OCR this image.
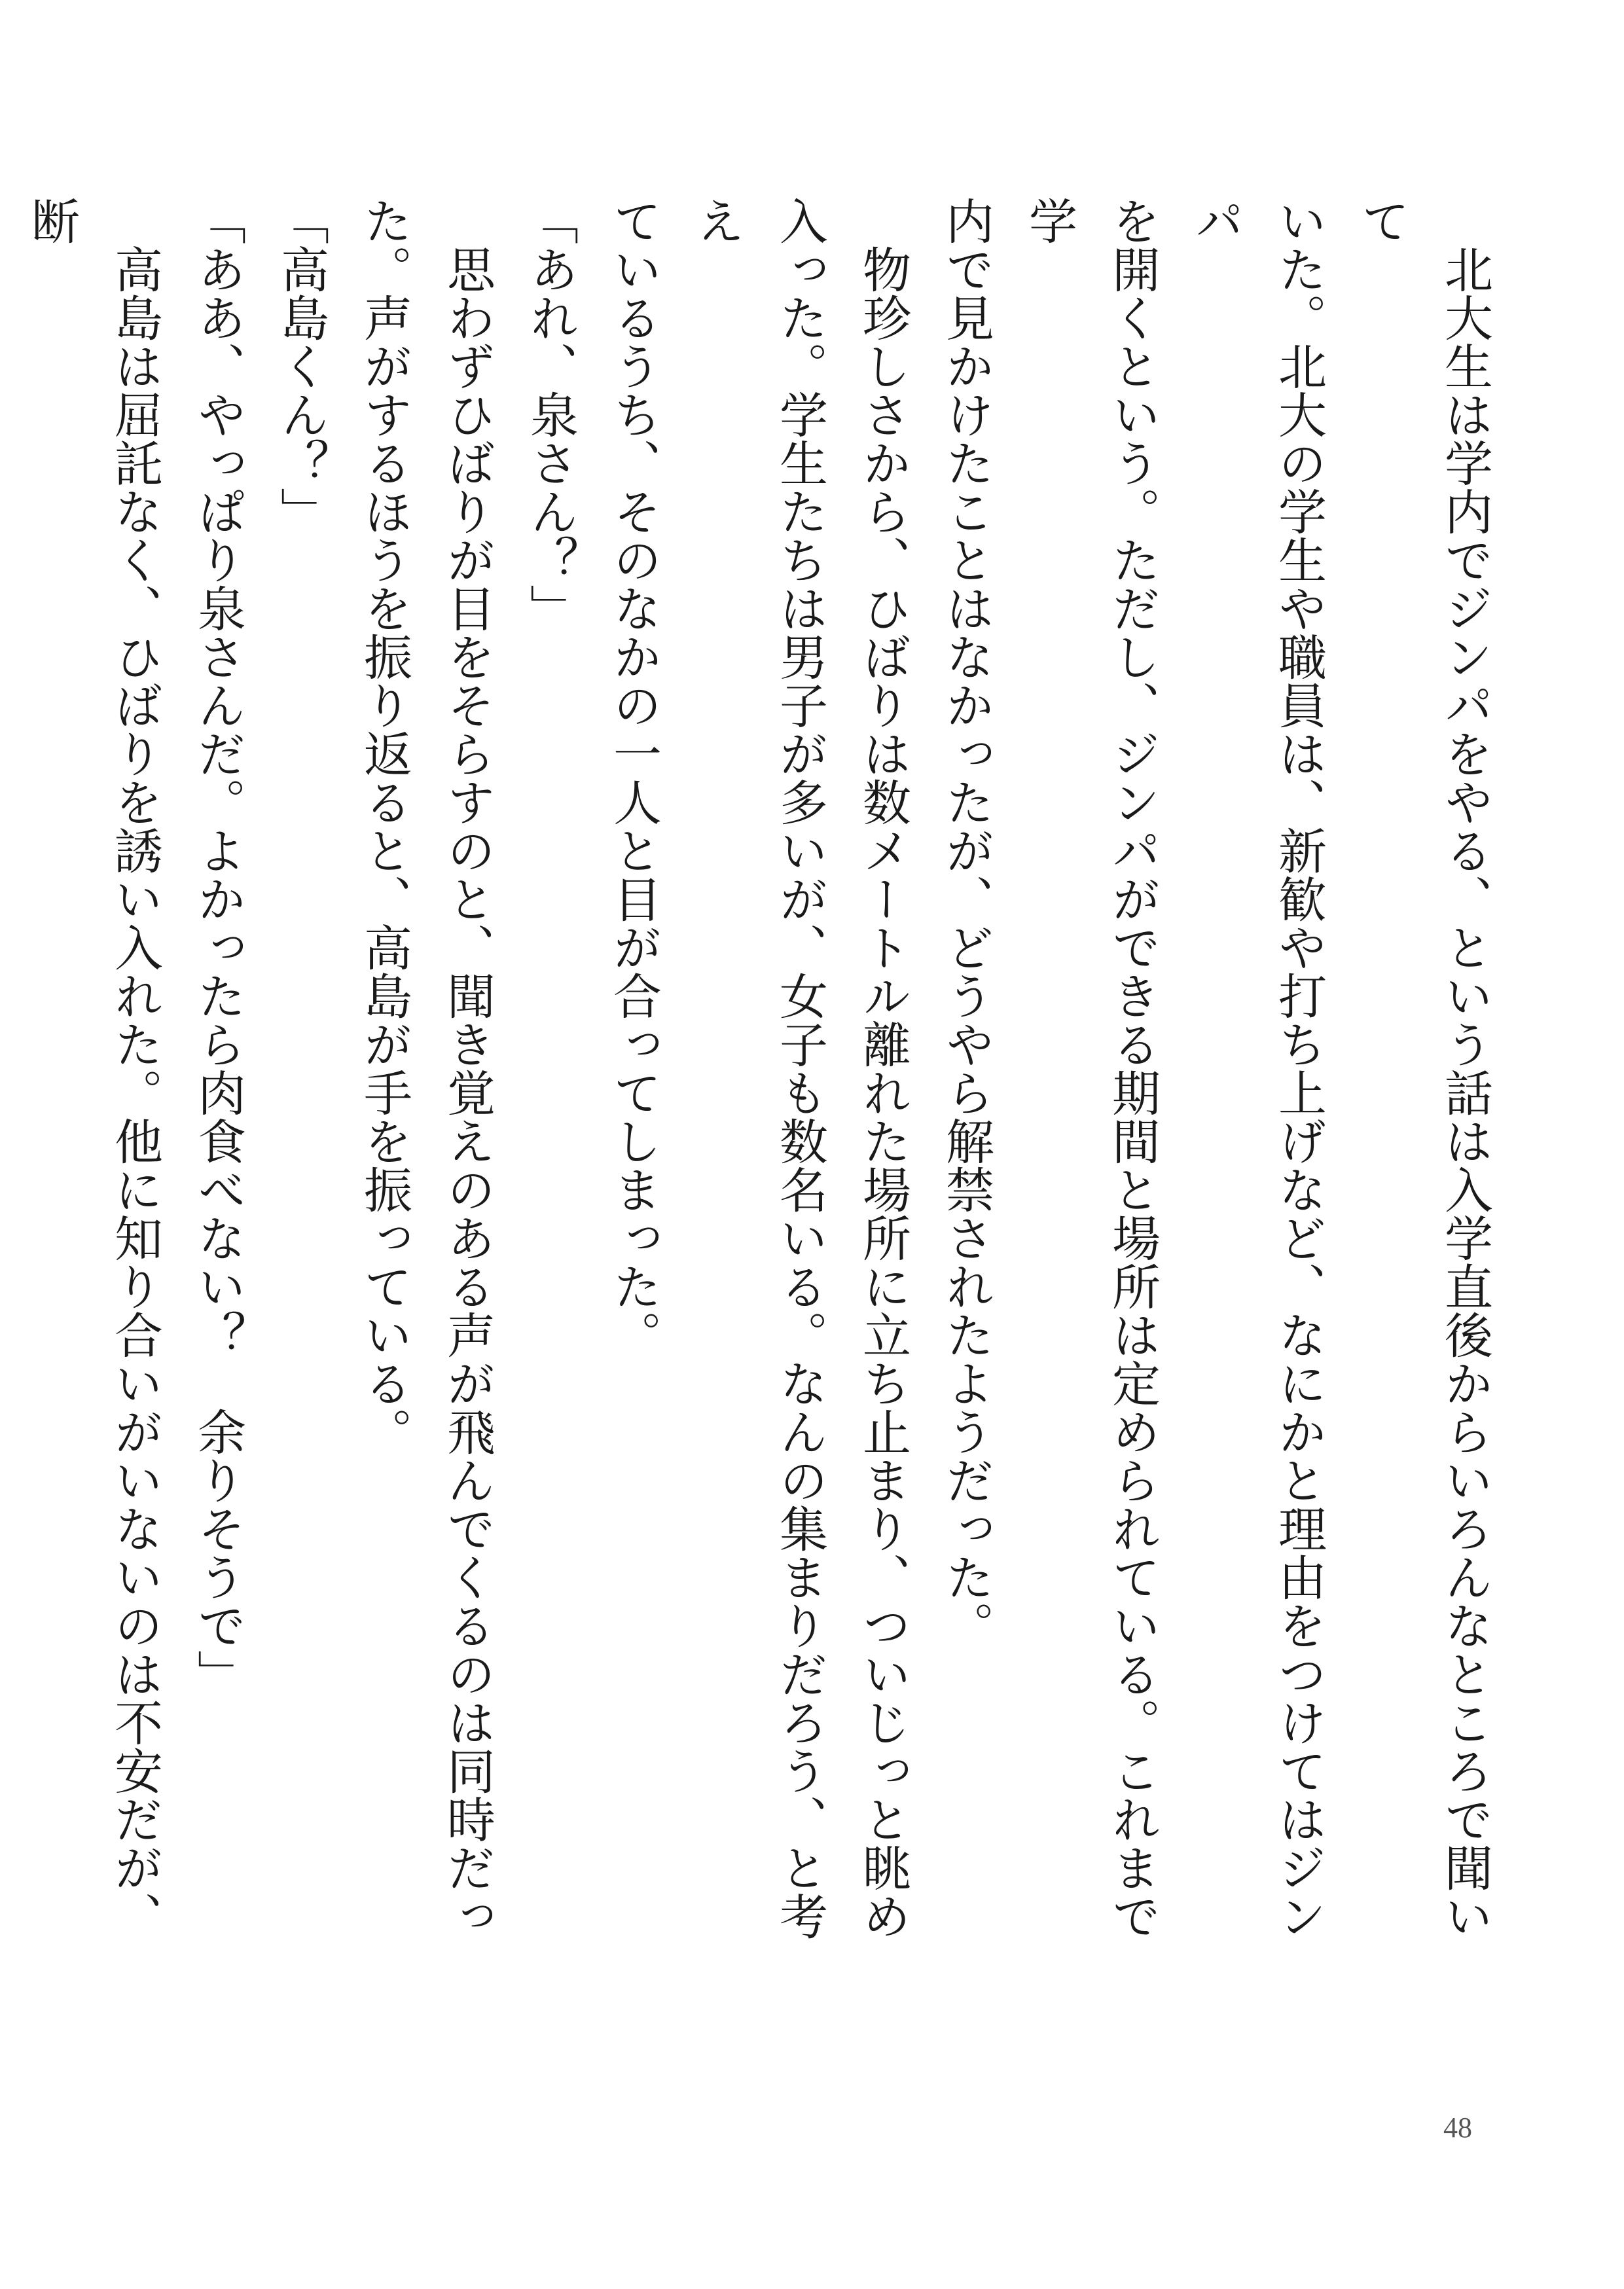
　北大生は学内でジンパをやる、という話は入学直後からいろんなところで聞いて

いた。北大の学生や職員は、新歓や打ち上げなど、なにかと理由をつけてはジンパ

を開くという。ただし、ジンパができる期間と場所は定められている。これまで学

内で見かけたことはなかったが、どうやら解禁されたようだった。

　物珍しさから、ひばりは数メートル離れた場所に立ち止まり、ついじっと眺め

入った。学生たちは男子が多いが、女子も数名いる。なんの集まりだろう、と考え

ているうち、そのなかの一人と目が合ってしまった。

「あれ、泉さん？」

　思わずひばりが目をそらすのと、聞き覚えのある声が飛んでくるのは同時だっ

た。声がするほうを振り返ると、高島が手を振っている。

「高島くん？」

「ああ、やっぱり泉さんだ。よかったら肉食べない？　余りそうで」

　高島は屈託なく、ひばりを誘い入れた。他に知り合いがいないのは不安だが、断

48
